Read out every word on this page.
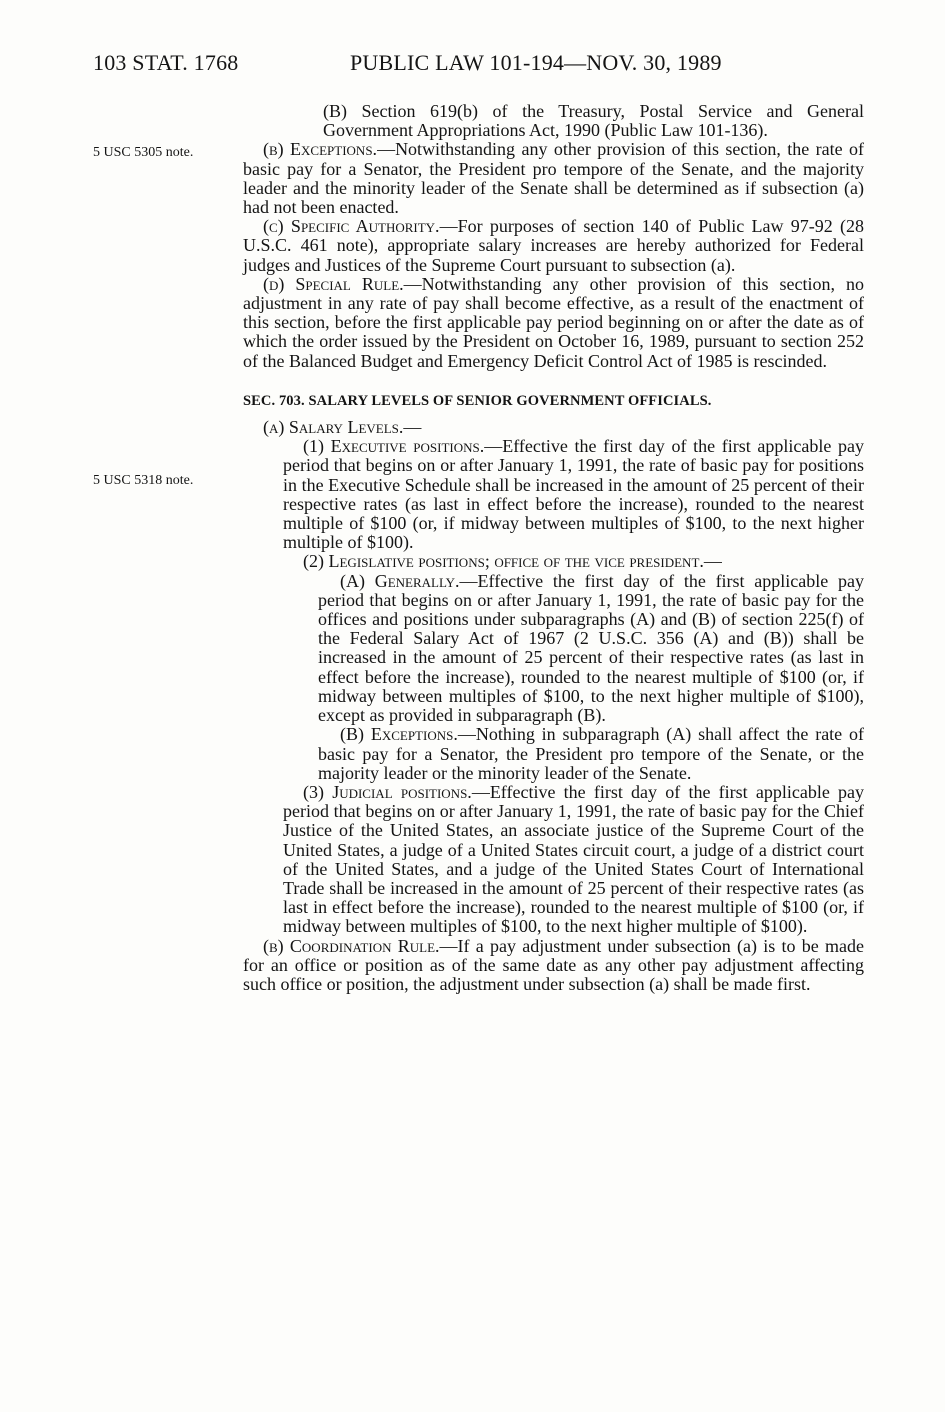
103 STAT. 1768	PUBLIC LAW 101-194—NOV. 30, 1989
5 USC 5305 note.
5 USC 5318 note.

(B) Section 619(b) of the Treasury, Postal Service and General Government Appropriations Act, 1990 (Public Law 101-136).

(b) Exceptions.—Notwithstanding any other provision of this section, the rate of basic pay for a Senator, the President pro tempore of the Senate, and the majority leader and the minority leader of the Senate shall be determined as if subsection (a) had not been enacted.

(c) Specific Authority.—For purposes of section 140 of Public Law 97-92 (28 U.S.C. 461 note), appropriate salary increases are hereby authorized for Federal judges and Justices of the Supreme Court pursuant to subsection (a).

(d) Special Rule.—Notwithstanding any other provision of this section, no adjustment in any rate of pay shall become effective, as a result of the enactment of this section, before the first applicable pay period beginning on or after the date as of which the order issued by the President on October 16, 1989, pursuant to section 252 of the Balanced Budget and Emergency Deficit Control Act of 1985 is rescinded.

SEC. 703. SALARY LEVELS OF SENIOR GOVERNMENT OFFICIALS.

(a) Salary Levels.—

(1) Executive positions.—Effective the first day of the first applicable pay period that begins on or after January 1, 1991, the rate of basic pay for positions in the Executive Schedule shall be increased in the amount of 25 percent of their respective rates (as last in effect before the increase), rounded to the nearest multiple of $100 (or, if midway between multiples of $100, to the next higher multiple of $100).

(2) Legislative positions; office of the vice president.—

(A) Generally.—Effective the first day of the first applicable pay period that begins on or after January 1, 1991, the rate of basic pay for the offices and positions under subparagraphs (A) and (B) of section 225(f) of the Federal Salary Act of 1967 (2 U.S.C. 356 (A) and (B)) shall be increased in the amount of 25 percent of their respective rates (as last in effect before the increase), rounded to the nearest multiple of $100 (or, if midway between multiples of $100, to the next higher multiple of $100), except as provided in subparagraph (B).

(B) Exceptions.—Nothing in subparagraph (A) shall affect the rate of basic pay for a Senator, the President pro tempore of the Senate, or the majority leader or the minority leader of the Senate.

(3) Judicial positions.—Effective the first day of the first applicable pay period that begins on or after January 1, 1991, the rate of basic pay for the Chief Justice of the United States, an associate justice of the Supreme Court of the United States, a judge of a United States circuit court, a judge of a district court of the United States, and a judge of the United States Court of International Trade shall be increased in the amount of 25 percent of their respective rates (as last in effect before the increase), rounded to the nearest multiple of $100 (or, if midway between multiples of $100, to the next higher multiple of $100).

(b) Coordination Rule.—If a pay adjustment under subsection (a) is to be made for an office or position as of the same date as any other pay adjustment affecting such office or position, the adjustment under subsection (a) shall be made first.
